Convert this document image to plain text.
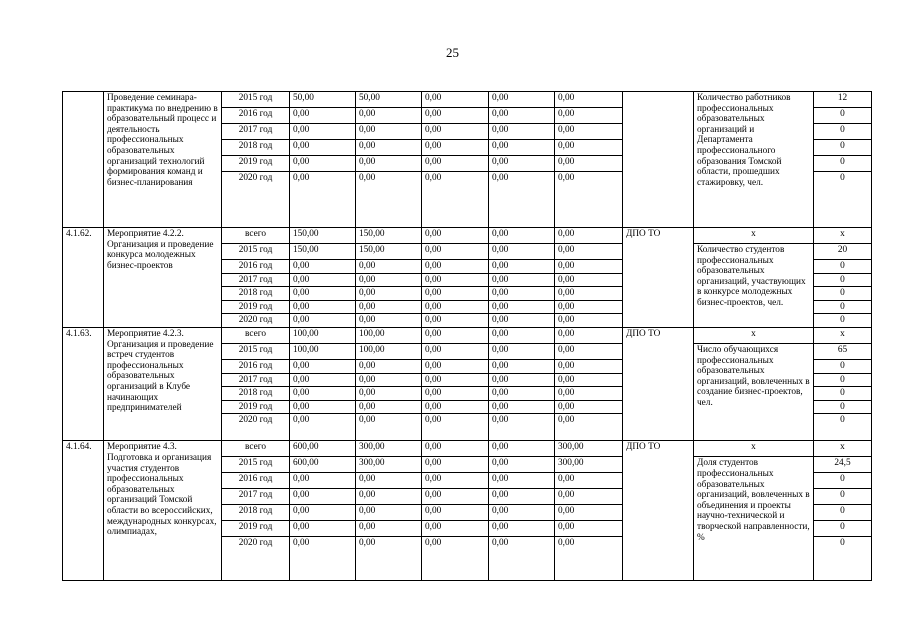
25
	Проведение семинара-практикума по внедрению в образовательный процесс и деятельность профессиональных образовательных организаций технологий формирования команд и бизнес-планирования	2015 год	50,00	50,00	0,00	0,00	0,00		Количество работников профессиональных образовательных организаций и Департамента профессионального образования Томской области, прошедших стажировку, чел.	12
		2016 год	0,00	0,00	0,00	0,00	0,00			0
		2017 год	0,00	0,00	0,00	0,00	0,00			0
		2018 год	0,00	0,00	0,00	0,00	0,00			0
		2019 год	0,00	0,00	0,00	0,00	0,00			0
		2020 год	0,00	0,00	0,00	0,00	0,00			0
4.1.62.	Мероприятие 4.2.2. Организация и проведение конкурса молодежных бизнес-проектов	всего	150,00	150,00	0,00	0,00	0,00	ДПО ТО	х	х
		2015 год	150,00	150,00	0,00	0,00	0,00		Количество студентов профессиональных образовательных организаций, участвующих в конкурсе молодежных бизнес-проектов, чел.	20
		2016 год	0,00	0,00	0,00	0,00	0,00			0
		2017 год	0,00	0,00	0,00	0,00	0,00			0
		2018 год	0,00	0,00	0,00	0,00	0,00			0
		2019 год	0,00	0,00	0,00	0,00	0,00			0
		2020 год	0,00	0,00	0,00	0,00	0,00			0
4.1.63.	Мероприятие 4.2.3. Организация и проведение встреч студентов профессиональных образовательных организаций в Клубе начинающих предпринимателей	всего	100,00	100,00	0,00	0,00	0,00	ДПО ТО	х	х
		2015 год	100,00	100,00	0,00	0,00	0,00		Число обучающихся профессиональных образовательных организаций, вовлеченных в создание бизнес-проектов, чел.	65
		2016 год	0,00	0,00	0,00	0,00	0,00			0
		2017 год	0,00	0,00	0,00	0,00	0,00			0
		2018 год	0,00	0,00	0,00	0,00	0,00			0
		2019 год	0,00	0,00	0,00	0,00	0,00			0
		2020 год	0,00	0,00	0,00	0,00	0,00			0
4.1.64.	Мероприятие 4.3. Подготовка и организация участия студентов профессиональных образовательных организаций Томской области во всероссийских, международных конкурсах, олимпиадах,	всего	600,00	300,00	0,00	0,00	300,00	ДПО ТО	х	х
		2015 год	600,00	300,00	0,00	0,00	300,00		Доля студентов профессиональных образовательных организаций, вовлеченных в объединения и проекты научно-технической и творческой направленности, %	24,5
		2016 год	0,00	0,00	0,00	0,00	0,00			0
		2017 год	0,00	0,00	0,00	0,00	0,00			0
		2018 год	0,00	0,00	0,00	0,00	0,00			0
		2019 год	0,00	0,00	0,00	0,00	0,00			0
		2020 год	0,00	0,00	0,00	0,00	0,00			0
